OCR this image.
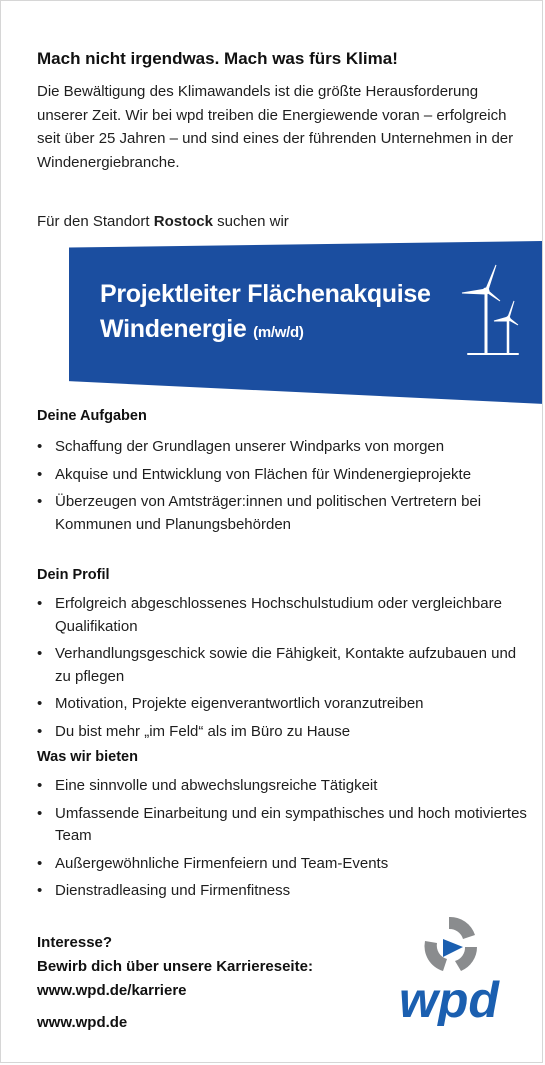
Mach nicht irgendwas. Mach was fürs Klima!
Die Bewältigung des Klimawandels ist die größte Herausforderung unserer Zeit. Wir bei wpd treiben die Energiewende voran – erfolgreich seit über 25 Jahren – und sind eines der führenden Unternehmen in der Windenergiebranche.
Für den Standort Rostock suchen wir
Projektleiter Flächenakquise
Windenergie (m/w/d)
Deine Aufgaben
• Schaffung der Grundlagen unserer Windparks von morgen
• Akquise und Entwicklung von Flächen für Windenergieprojekte
• Überzeugen von Amtsträger:innen und politischen Vertretern bei Kommunen und Planungsbehörden
Dein Profil
• Erfolgreich abgeschlossenes Hochschulstudium oder vergleichbare Qualifikation
• Verhandlungsgeschick sowie die Fähigkeit, Kontakte aufzubauen und zu pflegen
• Motivation, Projekte eigenverantwortlich voranzutreiben
• Du bist mehr „im Feld“ als im Büro zu Hause
Was wir bieten
• Eine sinnvolle und abwechslungsreiche Tätigkeit
• Umfassende Einarbeitung und ein sympathisches und hoch motiviertes Team
• Außergewöhnliche Firmenfeiern und Team-Events
• Dienstradleasing und Firmenfitness
Interesse?
Bewirb dich über unsere Karriereseite:
www.wpd.de/karriere
www.wpd.de	wpd
